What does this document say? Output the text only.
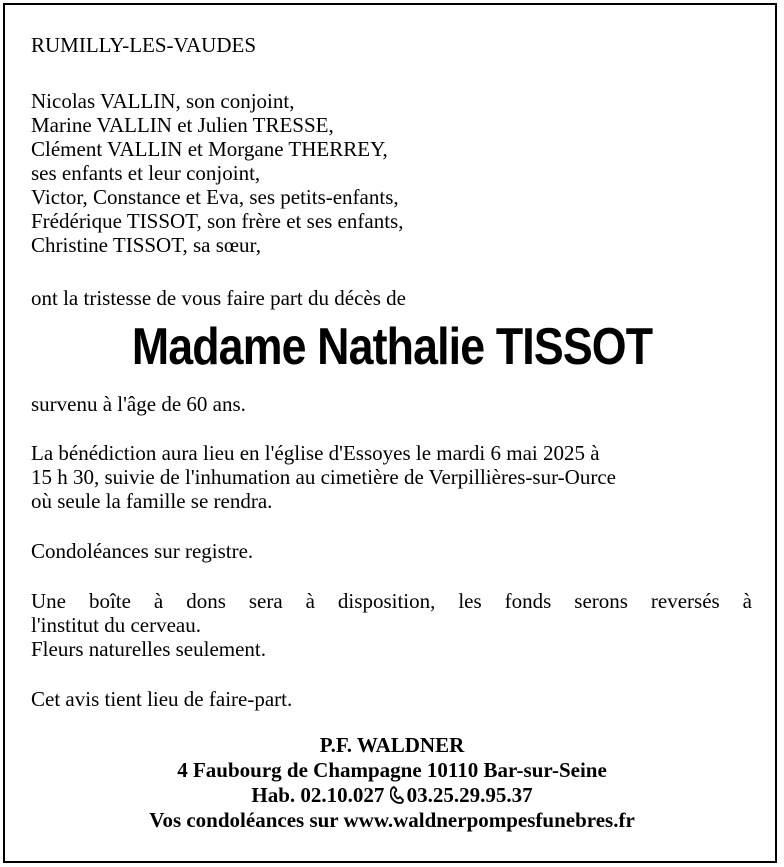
RUMILLY-LES-VAUDES
Nicolas VALLIN, son conjoint,
Marine VALLIN et Julien TRESSE,
Clément VALLIN et Morgane THERREY,
ses enfants et leur conjoint,
Victor, Constance et Eva, ses petits-enfants,
Frédérique TISSOT, son frère et ses enfants,
Christine TISSOT, sa sœur,
ont la tristesse de vous faire part du décès de
Madame Nathalie TISSOT
survenu à l'âge de 60 ans.
La bénédiction aura lieu en l'église d'Essoyes le mardi 6 mai 2025 à
15 h 30, suivie de l'inhumation au cimetière de Verpillières-sur-Ource
où seule la famille se rendra.
Condoléances sur registre.
Une boîte à dons sera à disposition, les fonds serons reversés à
l'institut du cerveau.
Fleurs naturelles seulement.
Cet avis tient lieu de faire-part.
P.F. WALDNER
4 Faubourg de Champagne 10110 Bar-sur-Seine
Hab. 02.10.027 03.25.29.95.37
Vos condoléances sur www.waldnerpompesfunebres.fr
